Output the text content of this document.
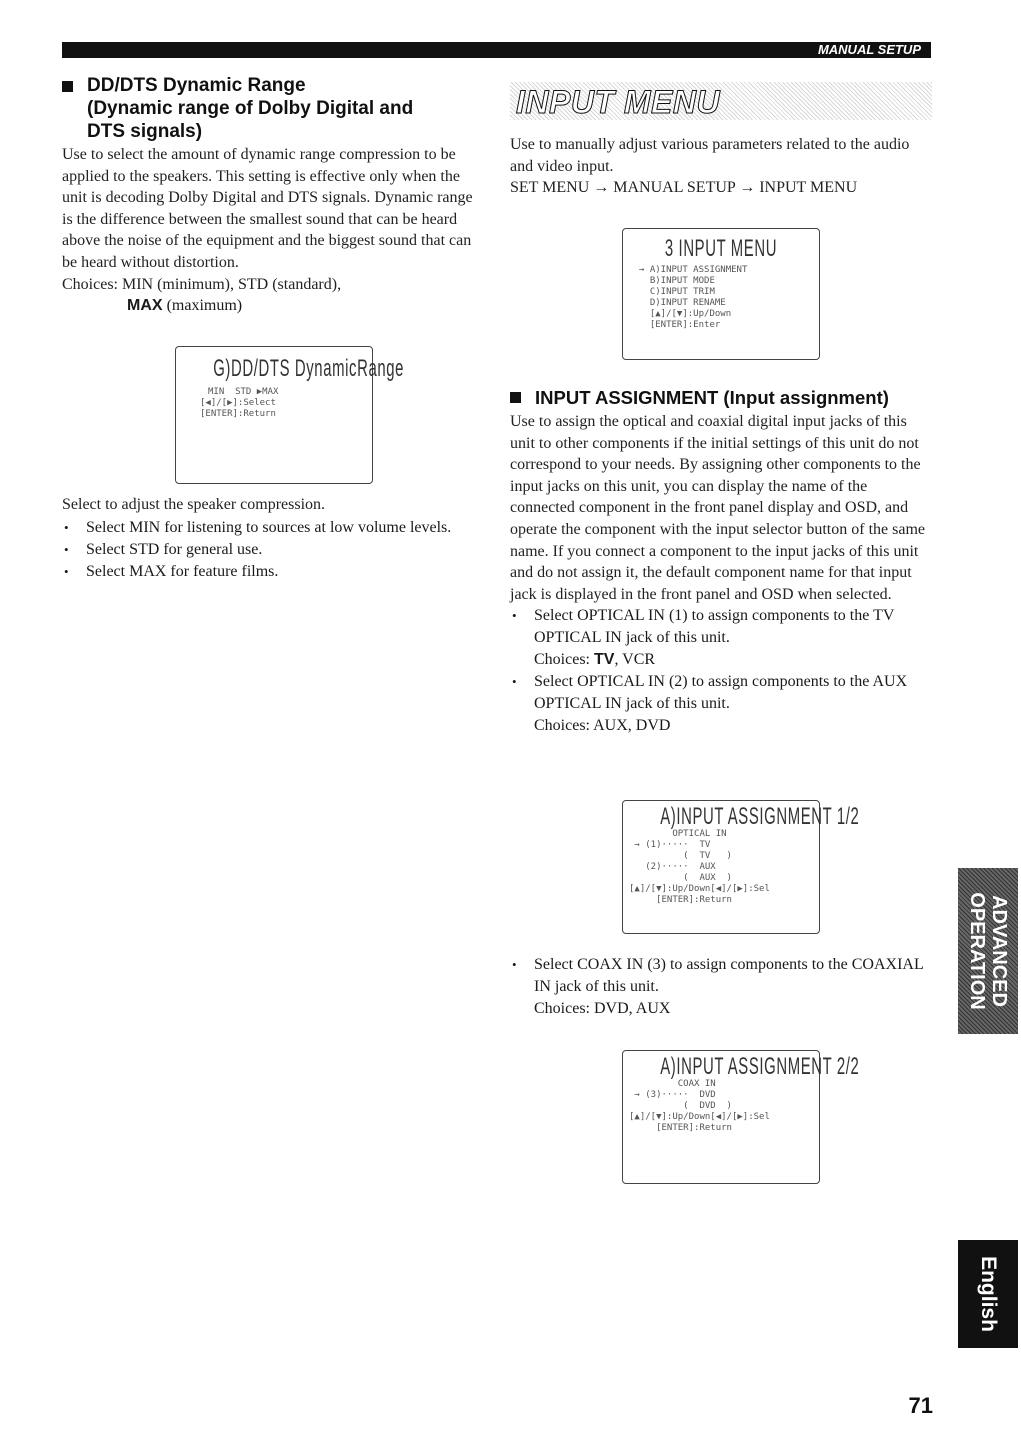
MANUAL SETUP
DD/DTS Dynamic Range
(Dynamic range of Dolby Digital and
DTS signals)

Use to select the amount of dynamic range compression to be applied to the speakers. This setting is effective only when the unit is decoding Dolby Digital and DTS signals. Dynamic range is the difference between the smallest sound that can be heard above the noise of the equipment and the biggest sound that can be heard without distortion.

Choices: MIN (minimum), STD (standard),

MAX (maximum)
G)DD/DTS DynamicRange
MIN  STD ▶MAX
[◀]/[▶]:Select
[ENTER]:Return

Select to adjust the speaker compression.

• Select MIN for listening to sources at low volume levels.
• Select STD for general use.
• Select MAX for feature films.
INPUT MENU

Use to manually adjust various parameters related to the audio and video input.

SET MENU → MANUAL SETUP → INPUT MENU

3 INPUT MENU
→ A)INPUT ASSIGNMENT
B)INPUT MODE
C)INPUT TRIM
D)INPUT RENAME
[▲]/[▼]:Up/Down
[ENTER]:Enter
INPUT ASSIGNMENT (Input assignment)

Use to assign the optical and coaxial digital input jacks of this unit to other components if the initial settings of this unit do not correspond to your needs. By assigning other components to the input jacks on this unit, you can display the name of the connected component in the front panel display and OSD, and operate the component with the input selector button of the same name. If you connect a component to the input jacks of this unit and do not assign it, the default component name for that input jack is displayed in the front panel and OSD when selected.

• Select OPTICAL IN (1) to assign components to the TV OPTICAL IN jack of this unit.
Choices: TV, VCR
• Select OPTICAL IN (2) to assign components to the AUX OPTICAL IN jack of this unit.
Choices: AUX, DVD
A)INPUT ASSIGNMENT 1/2
OPTICAL IN
→ (1)·····  TV
(  TV   )
(2)·····  AUX
(  AUX  )
[▲]/[▼]:Up/Down[◀]/[▶]:Sel
[ENTER]:Return
• Select COAX IN (3) to assign components to the COAXIAL IN jack of this unit.
Choices: DVD, AUX
A)INPUT ASSIGNMENT 2/2
COAX IN
→ (3)·····  DVD
(  DVD  )
[▲]/[▼]:Up/Down[◀]/[▶]:Sel
[ENTER]:Return
ADVANCED
OPERATION
English
71
